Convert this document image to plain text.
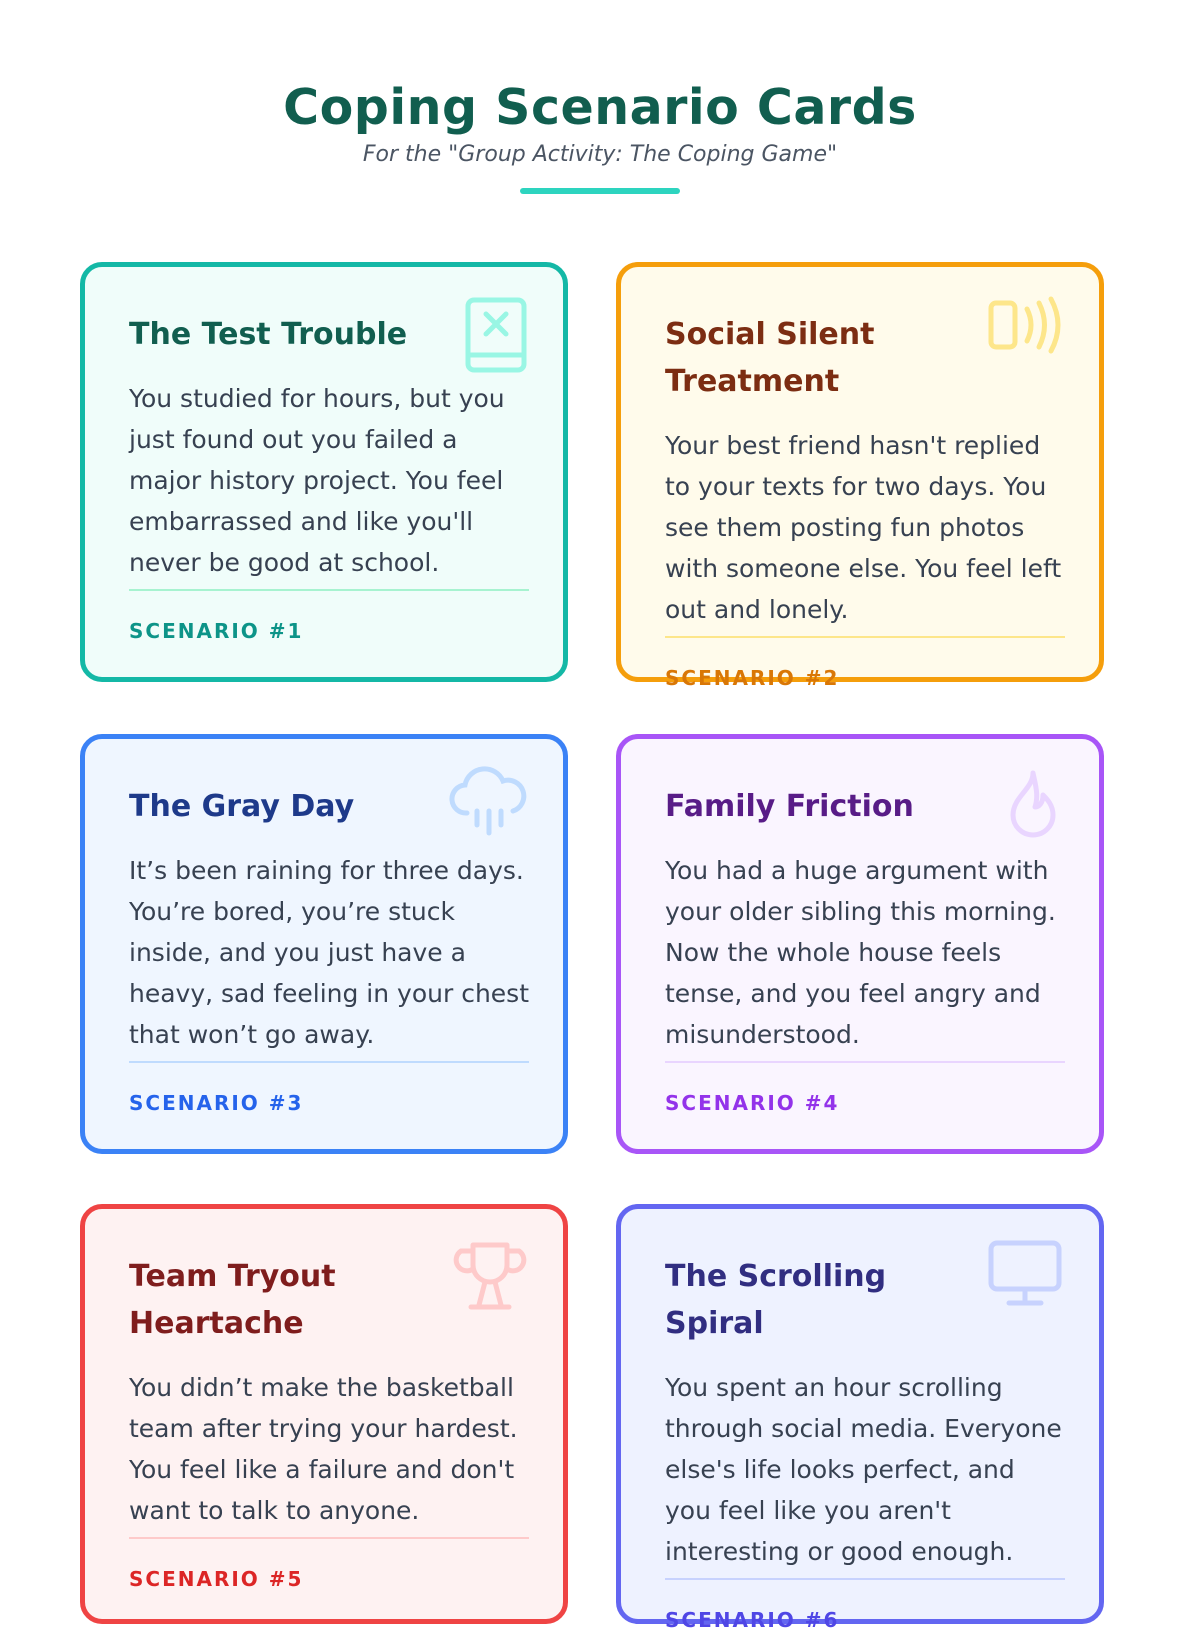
Coping Scenario Cards

For the "Group Activity: The Coping Game"

The Test Trouble

You studied for hours, but you just found out you failed a major history project. You feel embarrassed and like you'll never be good at school.

SCENARIO #1
Social Silent Treatment

Your best friend hasn't replied to your texts for two days. You see them posting fun photos with someone else. You feel left out and lonely.

SCENARIO #2
The Gray Day

It’s been raining for three days. You’re bored, you’re stuck inside, and you just have a heavy, sad feeling in your chest that won’t go away.

SCENARIO #3
Family Friction

You had a huge argument with your older sibling this morning. Now the whole house feels tense, and you feel angry and misunderstood.

SCENARIO #4
Team Tryout Heartache

You didn’t make the basketball team after trying your hardest. You feel like a failure and don't want to talk to anyone.

SCENARIO #5
The Scrolling Spiral

You spent an hour scrolling through social media. Everyone else's life looks perfect, and you feel like you aren't interesting or good enough.

SCENARIO #6
